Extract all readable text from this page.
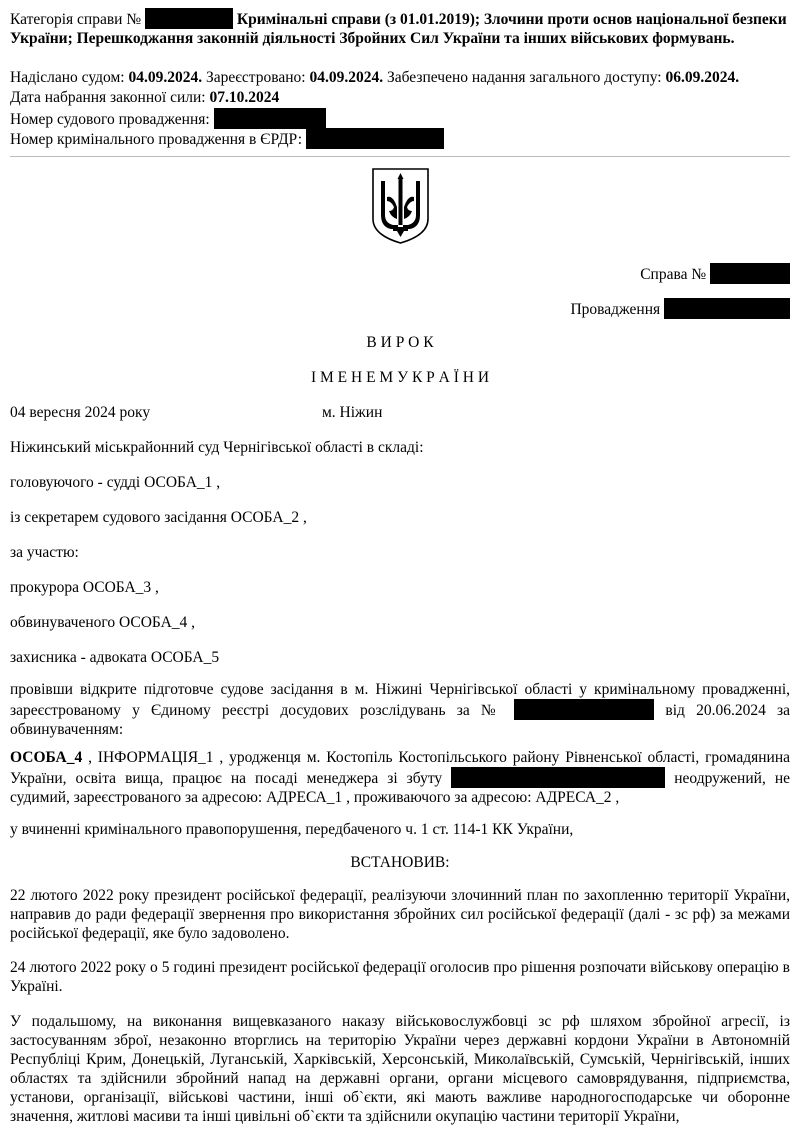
Категорія справи №	Кримінальні справи (з 01.01.2019); Злочини проти основ національної безпеки України; Перешкоджання законній діяльності Збройних Сил України та інших військових формувань.
Надіслано судом: 04.09.2024. Зареєстровано: 04.09.2024. Забезпечено надання загального доступу: 06.09.2024.
Дата набрання законної сили: 07.10.2024
Номер судового провадження:
Номер кримінального провадження в ЄРДР:
Справа №
Провадження
В И Р О К
І М Е Н Е М У К Р А Ї Н И
04 вересня 2024 року	м. Ніжин
Ніжинський міськрайонний суд Чернігівської області в складі:
головуючого - судді ОСОБА_1 ,
із секретарем судового засідання ОСОБА_2 ,
за участю:
прокурора ОСОБА_3 ,
обвинуваченого ОСОБА_4 ,
захисника - адвоката ОСОБА_5
провівши відкрите підготовче судове засідання в м. Ніжині Чернігівської області у кримінальному провадженні, зареєстрованому у Єдиному реєстрі досудових розслідувань за №	від 20.06.2024 за обвинуваченням:
ОСОБА_4 , ІНФОРМАЦІЯ_1 , уродженця м. Костопіль Костопільського району Рівненської області, громадянина України, освіта вища, працює на посаді менеджера зі збуту	неодружений, не судимий, зареєстрованого за адресою: АДРЕСА_1 , проживаючого за адресою: АДРЕСА_2 ,
у вчиненні кримінального правопорушення, передбаченого ч. 1 ст. 114-1 КК України,
ВСТАНОВИВ:
22 лютого 2022 року президент російської федерації, реалізуючи злочинний план по захопленню території України, направив до ради федерації звернення про використання збройних сил російської федерації (далі - зс рф) за межами російської федерації, яке було задоволено.
24 лютого 2022 року о 5 годині президент російської федерації оголосив про рішення розпочати військову операцію в Україні.
У подальшому, на виконання вищевказаного наказу військовослужбовці зс рф шляхом збройної агресії, із застосуванням зброї, незаконно вторглись на територію України через державні кордони України в Автономній Республіці Крим, Донецькій, Луганській, Харківській, Херсонській, Миколаївській, Сумській, Чернігівській, інших областях та здійснили збройний напад на державні органи, органи місцевого самоврядування, підприємства, установи, організації, військові частини, інші об`єкти, які мають важливе народногосподарське чи оборонне значення, житлові масиви та інші цивільні об`єкти та здійснили окупацію частини території України,
